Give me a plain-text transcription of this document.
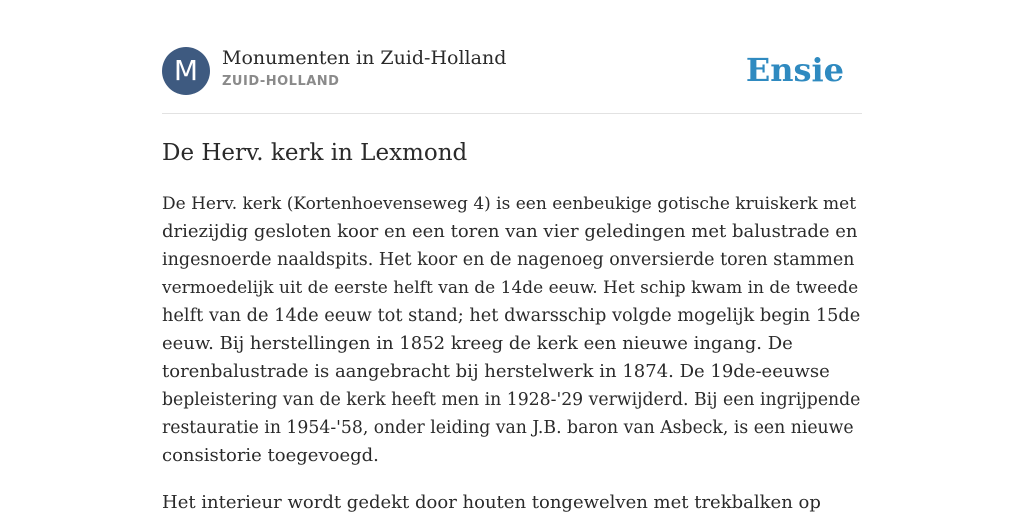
M	Monumenten in Zuid-Holland
ZUID-HOLLAND	Ensie
De Herv. kerk in Lexmond

De Herv. kerk (Kortenhoevenseweg 4) is een eenbeukige gotische kruiskerk met
driezijdig gesloten koor en een toren van vier geledingen met balustrade en
ingesnoerde naaldspits. Het koor en de nagenoeg onversierde toren stammen
vermoedelijk uit de eerste helft van de 14de eeuw. Het schip kwam in de tweede
helft van de 14de eeuw tot stand; het dwarsschip volgde mogelijk begin 15de
eeuw. Bij herstellingen in 1852 kreeg de kerk een nieuwe ingang. De
torenbalustrade is aangebracht bij herstelwerk in 1874. De 19de-eeuwse
bepleistering van de kerk heeft men in 1928-'29 verwijderd. Bij een ingrijpende
restauratie in 1954-'58, onder leiding van J.B. baron van Asbeck, is een nieuwe
consistorie toegevoegd.

Het interieur wordt gedekt door houten tongewelven met trekbalken op
